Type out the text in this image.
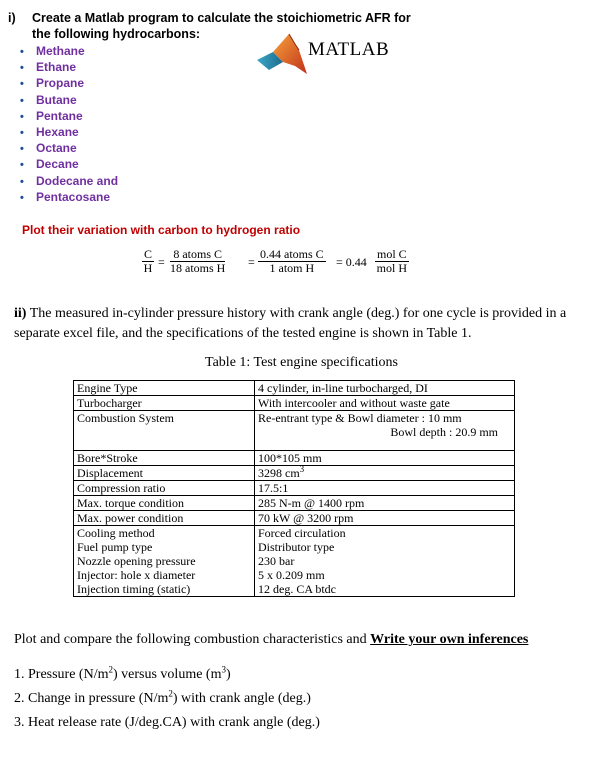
i) Create a Matlab program to calculate the stoichiometric AFR for
the following hydrocarbons:
• Methane
• Ethane
• Propane
• Butane
• Pentane
• Hexane
• Octane
• Decane
• Dodecane and
• Pentacosane
MATLAB
Plot their variation with carbon to hydrogen ratio
$\frac{C}{H}$ =
8 atoms C
18 atoms H =
0.44 atoms C
1 atom H	= 0.44
mol C
mol H
ii) The measured in-cylinder pressure history with crank angle (deg.) for one cycle is provided in a separate excel file, and the specifications of the tested engine is shown in Table 1.
Table 1: Test engine specifications
Engine Type	4 cylinder, in-line turbocharged, DI
Turbocharger	With intercooler and without waste gate
Combustion System	Re-entrant type & Bowl diameter : 10 mm
Bowl depth : 20.9 mm

Bore*Stroke	100*105 mm
Displacement	3298 $cm^3$
Compression ratio	17.5:1
Max. torque condition	285 N-m @ 1400 rpm
Max. power condition	70 kW @ 3200 rpm
Cooling method	Forced circulation
Fuel pump type	Distributor type
Nozzle opening pressure	230 bar
Injector: hole x diameter	5 x 0.209 mm
Injection timing (static)	12 deg. CA btdc
Plot and compare the following combustion characteristics and Write your own inferences
1. Pressure $(N/m^2)$ versus volume $(m^3)$
2. Change in pressure $(N/m^2)$ with crank angle (deg.)
3. Heat release rate (J/deg.CA) with crank angle (deg.)
